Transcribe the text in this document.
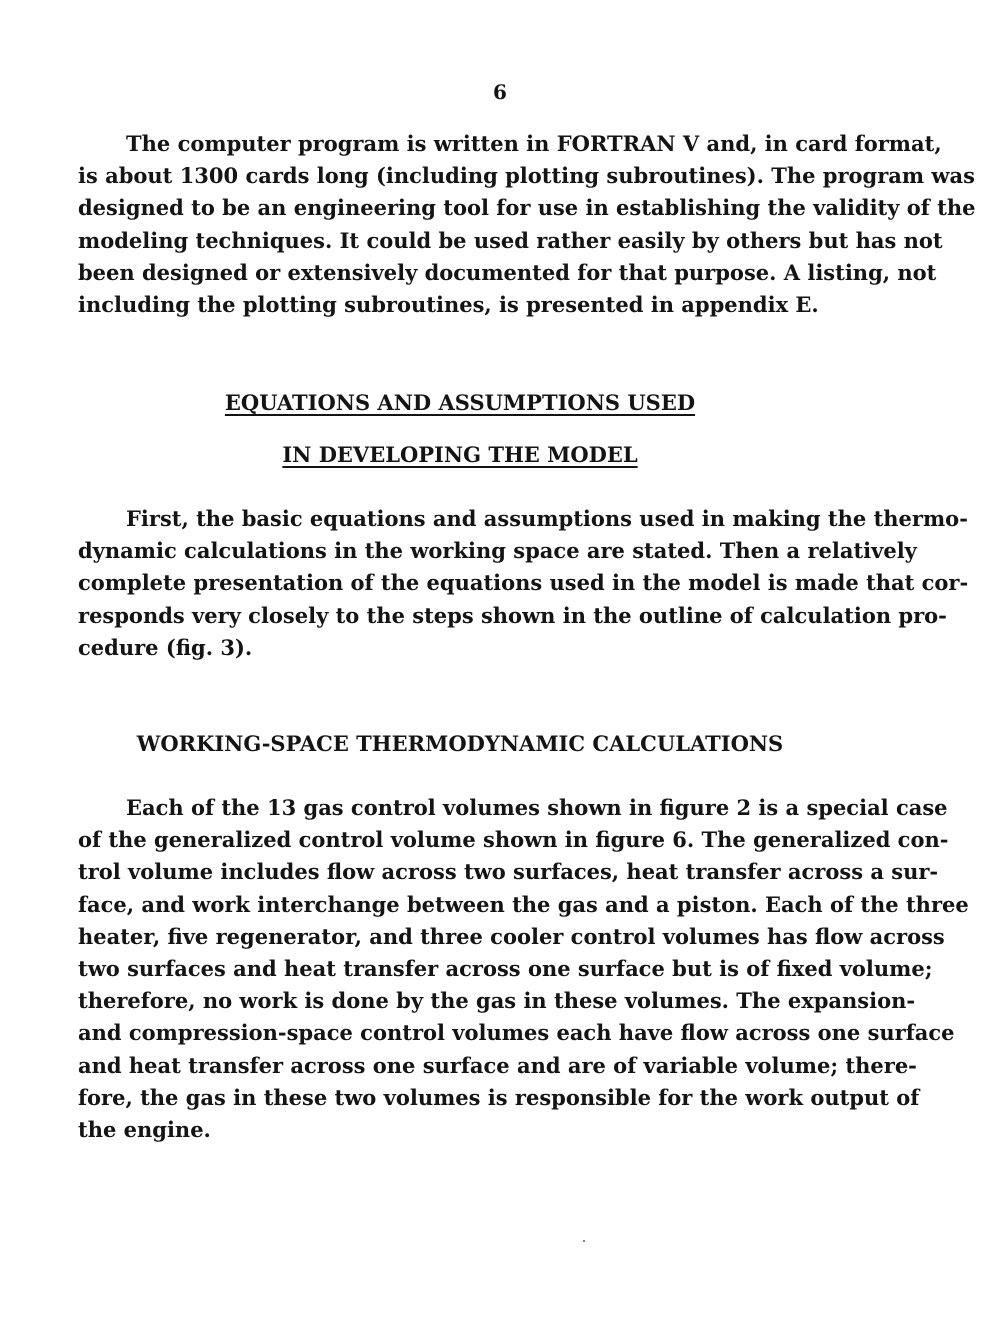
6
The computer program is written in FORTRAN V and, in card format,
is about 1300 cards long (including plotting subroutines). The program was
designed to be an engineering tool for use in establishing the validity of the
modeling techniques. It could be used rather easily by others but has not
been designed or extensively documented for that purpose. A listing, not
including the plotting subroutines, is presented in appendix E.
EQUATIONS AND ASSUMPTIONS USED
IN DEVELOPING THE MODEL
First, the basic equations and assumptions used in making the thermo-
dynamic calculations in the working space are stated. Then a relatively
complete presentation of the equations used in the model is made that cor-
responds very closely to the steps shown in the outline of calculation pro-
cedure (fig. 3).
WORKING-SPACE THERMODYNAMIC CALCULATIONS
Each of the 13 gas control volumes shown in figure 2 is a special case
of the generalized control volume shown in figure 6. The generalized con-
trol volume includes flow across two surfaces, heat transfer across a sur-
face, and work interchange between the gas and a piston. Each of the three
heater, five regenerator, and three cooler control volumes has flow across
two surfaces and heat transfer across one surface but is of fixed volume;
therefore, no work is done by the gas in these volumes. The expansion-
and compression-space control volumes each have flow across one surface
and heat transfer across one surface and are of variable volume; there-
fore, the gas in these two volumes is responsible for the work output of
the engine.
